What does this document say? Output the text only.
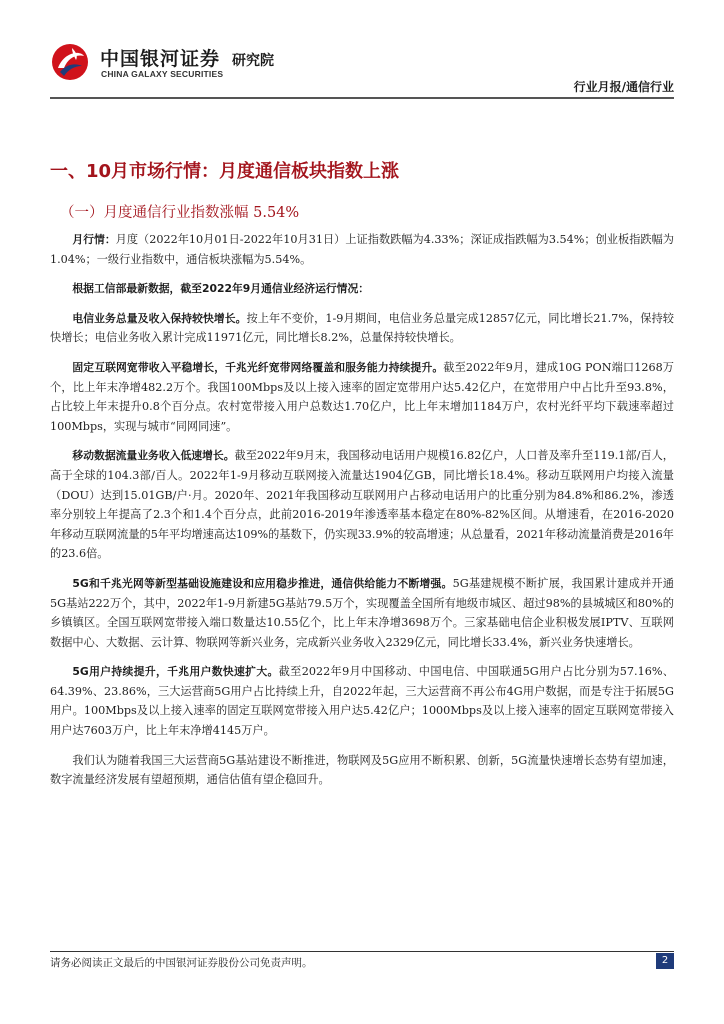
中国银河证券
CHINA GALAXY SECURITIES
研究院
行业月报/通信行业
一、10月市场行情：月度通信板块指数上涨
（一）月度通信行业指数涨幅 5.54%

月行情：月度（2022年10月01日-2022年10月31日）上证指数跌幅为4.33%；深证成指跌幅为3.54%；创业板指跌幅为1.04%；一级行业指数中，通信板块涨幅为5.54%。

根据工信部最新数据，截至2022年9月通信业经济运行情况：

电信业务总量及收入保持较快增长。按上年不变价，1-9月期间，电信业务总量完成12857亿元，同比增长21.7%，保持较快增长；电信业务收入累计完成11971亿元，同比增长8.2%，总量保持较快增长。

固定互联网宽带收入平稳增长，千兆光纤宽带网络覆盖和服务能力持续提升。截至2022年9月，建成10G PON端口1268万个，比上年末净增482.2万个。我国100Mbps及以上接入速率的固定宽带用户达5.42亿户，在宽带用户中占比升至93.8%，占比较上年末提升0.8个百分点。农村宽带接入用户总数达1.70亿户，比上年末增加1184万户，农村光纤平均下载速率超过100Mbps，实现与城市“同网同速”。

移动数据流量业务收入低速增长。截至2022年9月末，我国移动电话用户规模16.82亿户，人口普及率升至119.1部/百人，高于全球的104.3部/百人。2022年1-9月移动互联网接入流量达1904亿GB，同比增长18.4%。移动互联网用户均接入流量（DOU）达到15.01GB/户·月。2020年、2021年我国移动互联网用户占移动电话用户的比重分别为84.8%和86.2%，渗透率分别较上年提高了2.3个和1.4个百分点，此前2016-2019年渗透率基本稳定在80%-82%区间。从增速看，在2016-2020年移动互联网流量的5年平均增速高达109%的基数下，仍实现33.9%的较高增速；从总量看，2021年移动流量消费是2016年的23.6倍。

5G和千兆光网等新型基础设施建设和应用稳步推进，通信供给能力不断增强。5G基建规模不断扩展，我国累计建成并开通5G基站222万个，其中，2022年1-9月新建5G基站79.5万个，实现覆盖全国所有地级市城区、超过98%的县城城区和80%的乡镇镇区。全国互联网宽带接入端口数量达10.55亿个，比上年末净增3698万个。三家基础电信企业积极发展IPTV、互联网数据中心、大数据、云计算、物联网等新兴业务，完成新兴业务收入2329亿元，同比增长33.4%，新兴业务快速增长。

5G用户持续提升，千兆用户数快速扩大。截至2022年9月中国移动、中国电信、中国联通5G用户占比分别为57.16%、64.39%、23.86%，三大运营商5G用户占比持续上升，自2022年起，三大运营商不再公布4G用户数据，而是专注于拓展5G用户。100Mbps及以上接入速率的固定互联网宽带接入用户达5.42亿户；1000Mbps及以上接入速率的固定互联网宽带接入用户达7603万户，比上年末净增4145万户。

我们认为随着我国三大运营商5G基站建设不断推进，物联网及5G应用不断积累、创新，5G流量快速增长态势有望加速，数字流量经济发展有望超预期，通信估值有望企稳回升。

请务必阅读正文最后的中国银河证券股份公司免责声明。	2
